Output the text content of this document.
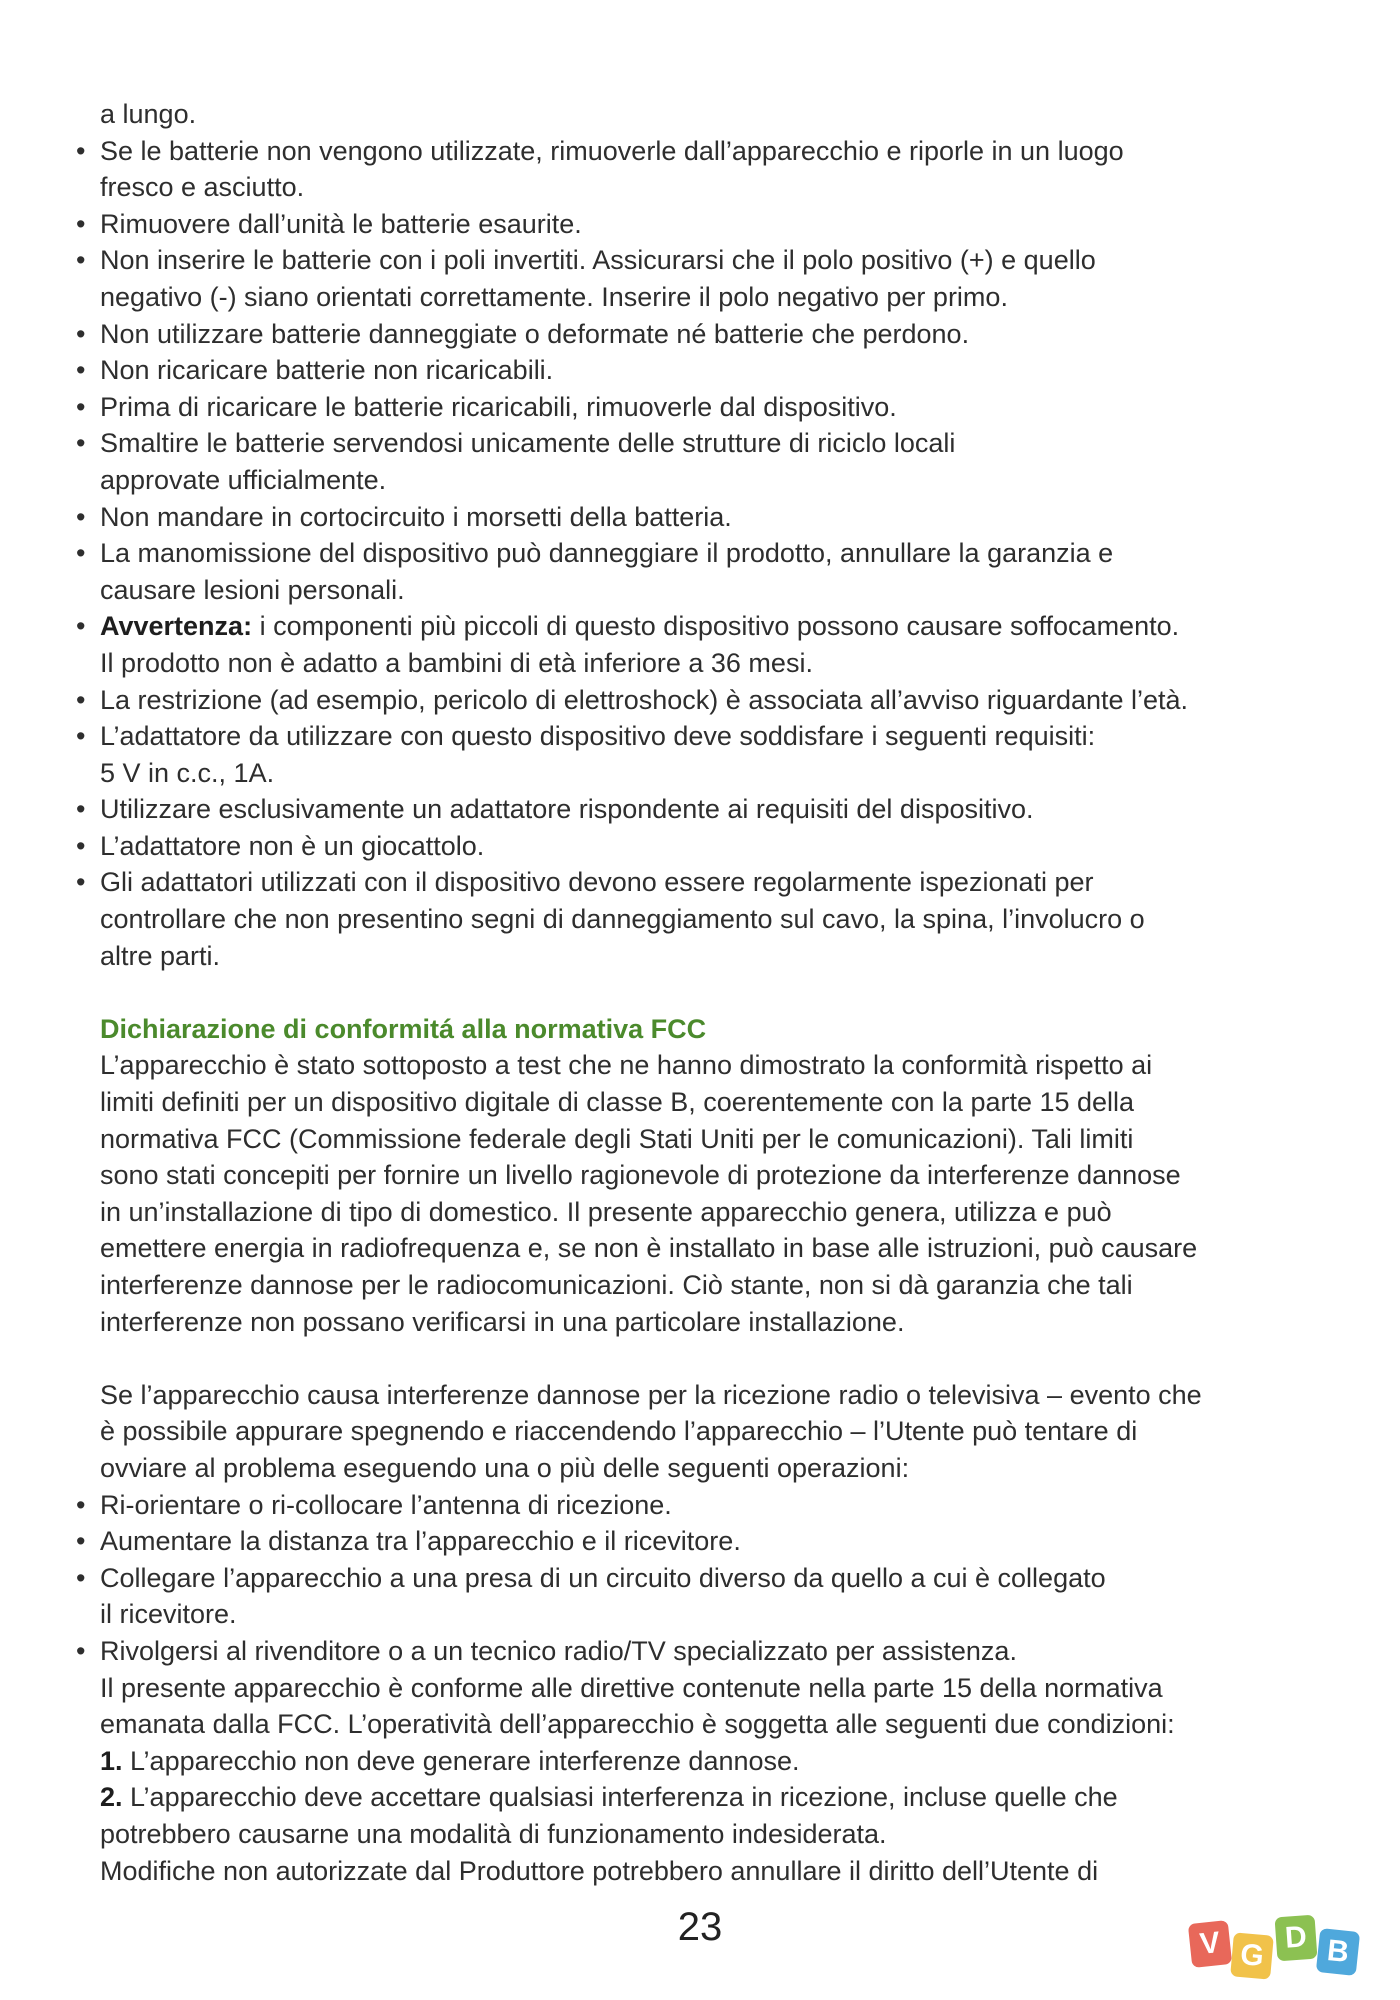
a lungo.
• Se le batterie non vengono utilizzate, rimuoverle dall’apparecchio e riporle in un luogo
fresco e asciutto.
• Rimuovere dall’unità le batterie esaurite.
• Non inserire le batterie con i poli invertiti. Assicurarsi che il polo positivo (+) e quello
negativo (-) siano orientati correttamente. Inserire il polo negativo per primo.
• Non utilizzare batterie danneggiate o deformate né batterie che perdono.
• Non ricaricare batterie non ricaricabili.
• Prima di ricaricare le batterie ricaricabili, rimuoverle dal dispositivo.
• Smaltire le batterie servendosi unicamente delle strutture di riciclo locali
approvate ufficialmente.
• Non mandare in cortocircuito i morsetti della batteria.
• La manomissione del dispositivo può danneggiare il prodotto, annullare la garanzia e
causare lesioni personali.
• Avvertenza: i componenti più piccoli di questo dispositivo possono causare soffocamento.
Il prodotto non è adatto a bambini di età inferiore a 36 mesi.
• La restrizione (ad esempio, pericolo di elettroshock) è associata all’avviso riguardante l’età.
• L’adattatore da utilizzare con questo dispositivo deve soddisfare i seguenti requisiti:
5 V in c.c., 1A.
• Utilizzare esclusivamente un adattatore rispondente ai requisiti del dispositivo.
• L’adattatore non è un giocattolo.
• Gli adattatori utilizzati con il dispositivo devono essere regolarmente ispezionati per
controllare che non presentino segni di danneggiamento sul cavo, la spina, l’involucro o
altre parti.
Dichiarazione di conformitá alla normativa FCC
L’apparecchio è stato sottoposto a test che ne hanno dimostrato la conformità rispetto ai
limiti definiti per un dispositivo digitale di classe B, coerentemente con la parte 15 della
normativa FCC (Commissione federale degli Stati Uniti per le comunicazioni). Tali limiti
sono stati concepiti per fornire un livello ragionevole di protezione da interferenze dannose
in un’installazione di tipo di domestico. Il presente apparecchio genera, utilizza e può
emettere energia in radiofrequenza e, se non è installato in base alle istruzioni, può causare
interferenze dannose per le radiocomunicazioni. Ciò stante, non si dà garanzia che tali
interferenze non possano verificarsi in una particolare installazione.
Se l’apparecchio causa interferenze dannose per la ricezione radio o televisiva – evento che
è possibile appurare spegnendo e riaccendendo l’apparecchio – l’Utente può tentare di
ovviare al problema eseguendo una o più delle seguenti operazioni:
• Ri-orientare o ri-collocare l’antenna di ricezione.
• Aumentare la distanza tra l’apparecchio e il ricevitore.
• Collegare l’apparecchio a una presa di un circuito diverso da quello a cui è collegato
il ricevitore.
• Rivolgersi al rivenditore o a un tecnico radio/TV specializzato per assistenza.
Il presente apparecchio è conforme alle direttive contenute nella parte 15 della normativa
emanata dalla FCC. L’operatività dell’apparecchio è soggetta alle seguenti due condizioni:
1. L’apparecchio non deve generare interferenze dannose.
2. L’apparecchio deve accettare qualsiasi interferenza in ricezione, incluse quelle che
potrebbero causarne una modalità di funzionamento indesiderata.
Modifiche non autorizzate dal Produttore potrebbero annullare il diritto dell’Utente di
23	V G
D B
